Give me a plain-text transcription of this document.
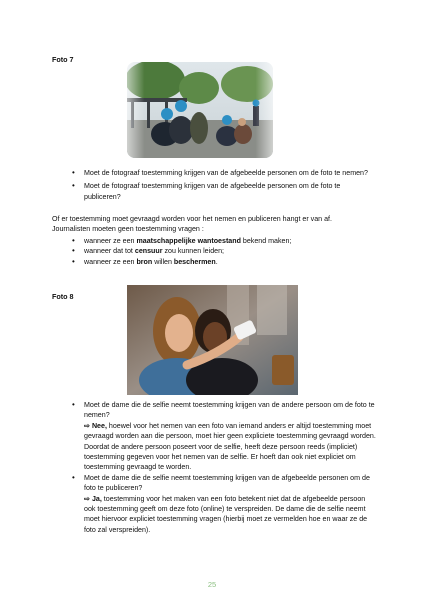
Foto 7
• Moet de fotograaf toestemming krijgen van de afgebeelde personen om de foto te nemen?
• Moet de fotograaf toestemming krijgen van de afgebeelde personen om de foto te publiceren?
Of er toestemming moet gevraagd worden voor het nemen en publiceren hangt er van af.
Journalisten moeten geen toestemming vragen :
• wanneer ze een maatschappelijke wantoestand bekend maken;
• wanneer dat tot censuur zou kunnen leiden;
• wanneer ze een bron willen beschermen.
Foto 8
• Moet de dame die de selfie neemt toestemming krijgen van de andere persoon om de foto te nemen?
⇨ Nee, hoewel voor het nemen van een foto van iemand anders er altijd toestemming moet gevraagd worden aan die persoon, moet hier geen expliciete toestemming gevraagd worden. Doordat de andere persoon poseert voor de selfie, heeft deze persoon reeds (impliciet) toestemming gegeven voor het nemen van de selfie. Er hoeft dan ook niet expliciet om toestemming gevraagd te worden.
• Moet de dame die de selfie neemt toestemming krijgen van de afgebeelde personen om de foto te publiceren?
⇨ Ja, toestemming voor het maken van een foto betekent niet dat de afgebeelde persoon ook toestemming geeft om deze foto (online) te verspreiden. De dame die de selfie neemt moet hiervoor expliciet toestemming vragen (hierbij moet ze vermelden hoe en waar ze de foto zal verspreiden).
25
